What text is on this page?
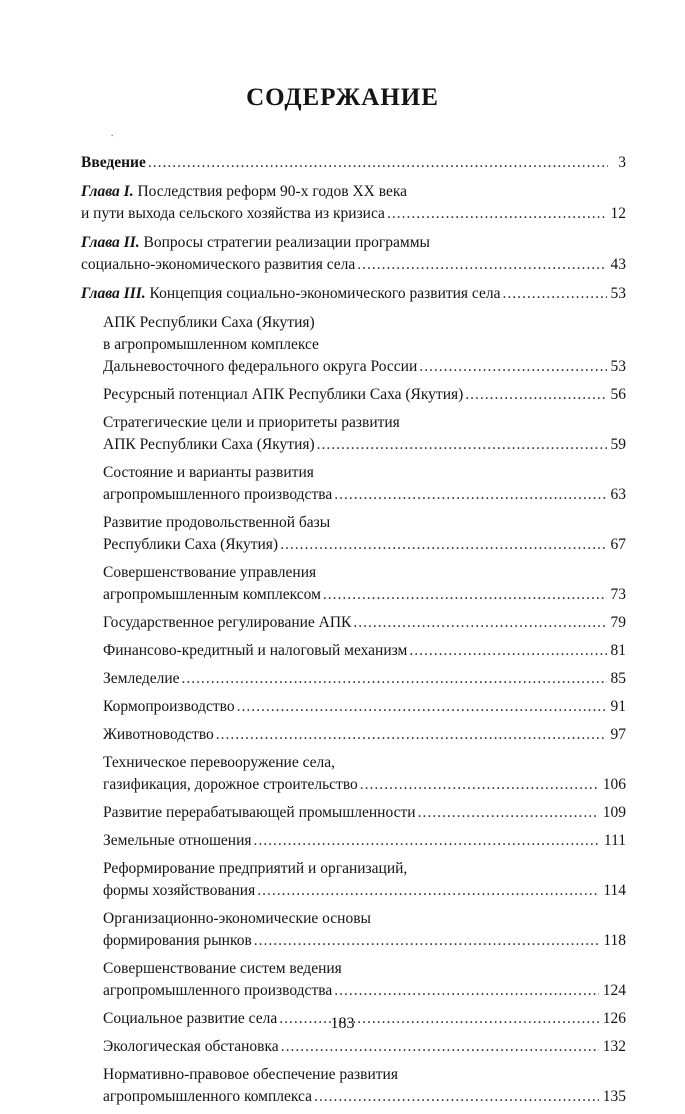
СОДЕРЖАНИЕ
•
Введение .....	3
Глава I. Последствия реформ 90-х годов XX века
и пути выхода сельского хозяйства из кризиса .....	12
Глава II. Вопросы стратегии реализации программы
социально-экономического развития села .....	43
Глава III. Концепция социально-экономического развития села .....	53
АПК Республики Саха (Якутия)
в агропромышленном комплексе
Дальневосточного федерального округа России .....	53
Ресурсный потенциал АПК Республики Саха (Якутия) .....	56
Стратегические цели и приоритеты развития
АПК Республики Саха (Якутия) .....	59
Состояние и варианты развития
агропромышленного производства .....	63
Развитие продовольственной базы
Республики Саха (Якутия) .....	67
Совершенствование управления
агропромышленным комплексом .....	73
Государственное регулирование АПК .....	79
Финансово-кредитный и налоговый механизм .....	81
Земледелие .....	85
Кормопроизводство .....	91
Животноводство .....	97
Техническое перевооружение села,
газификация, дорожное строительство .....	106
Развитие перерабатывающей промышленности .....	109
Земельные отношения .....	111
Реформирование предприятий и организаций,
формы хозяйствования .....	114
Организационно-экономические основы
формирования рынков .....	118
Совершенствование систем ведения
агропромышленного производства .....	124
Социальное развитие села .....	126
Экологическая обстановка .....	132
Нормативно-правовое обеспечение развития
агропромышленного комплекса .....	135
183
